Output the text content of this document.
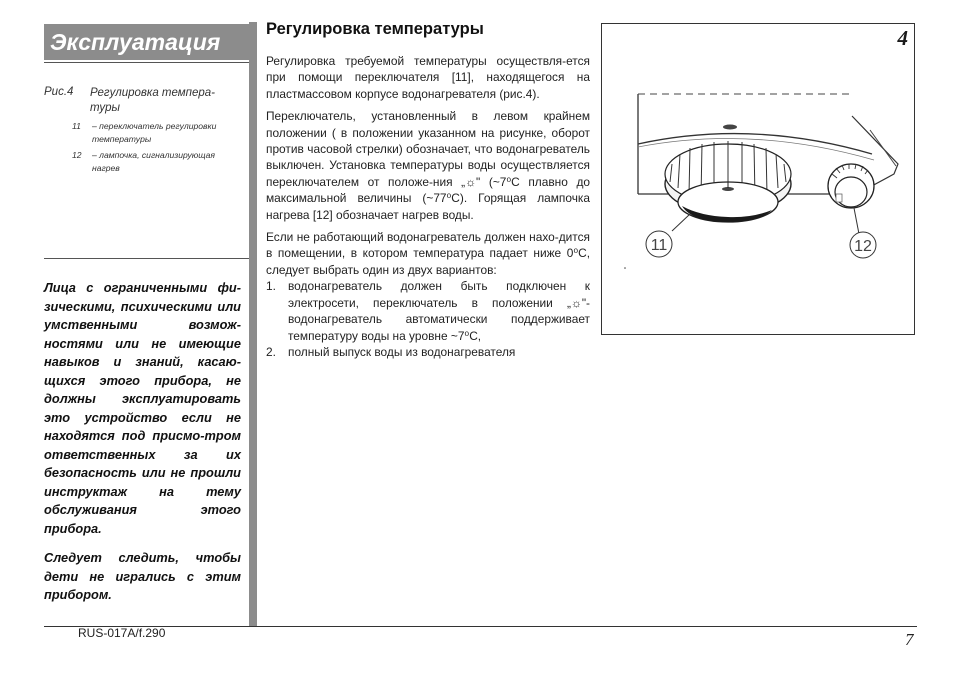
Эксплуатация
Рис.4	Регулировка темпера-туры
11	– переключатель регулировки температуры
12	– лампочка, сигнализирующая нагрев

Лица с ограниченными фи-зическими, психическими или умственными возмож-ностями или не имеющие навыков и знаний, касаю-щихся этого прибора, не должны эксплуатировать это устройство если не находятся под присмо-тром ответственных за их безопасность или не прошли инструктаж на тему обслуживания этого прибора.

Следует следить, чтобы дети не игрались с этим прибором.

Регулировка температуры

Регулировка требуемой температуры осуществля-ется при помощи переключателя [11], находящегося на пластмассовом корпусе водонагревателя (рис.4).

Переключатель, установленный в левом крайнем положении ( в положении указанном на рисунке, оборот против часовой стрелки) обозначает, что водонагреватель выключен. Установка температуры воды осуществляется переключателем от положе-ния „☼" (~7⁰C плавно до максимальной величины (~77⁰C). Горящая лампочка нагрева [12] обозначает нагрев воды.

Если не работающий водонагреватель должен нахо-дится в помещении, в котором температура падает ниже 0⁰C, следует выбрать один из двух вариантов:

1.	водонагреватель должен быть подключен к электросети, переключатель в положении „☼"- водонагреватель автоматически поддерживает температуру воды на уровне ~7⁰C,
2.	полный выпуск воды из водонагревателя
11	12
4
RUS-017A/f.290	7
